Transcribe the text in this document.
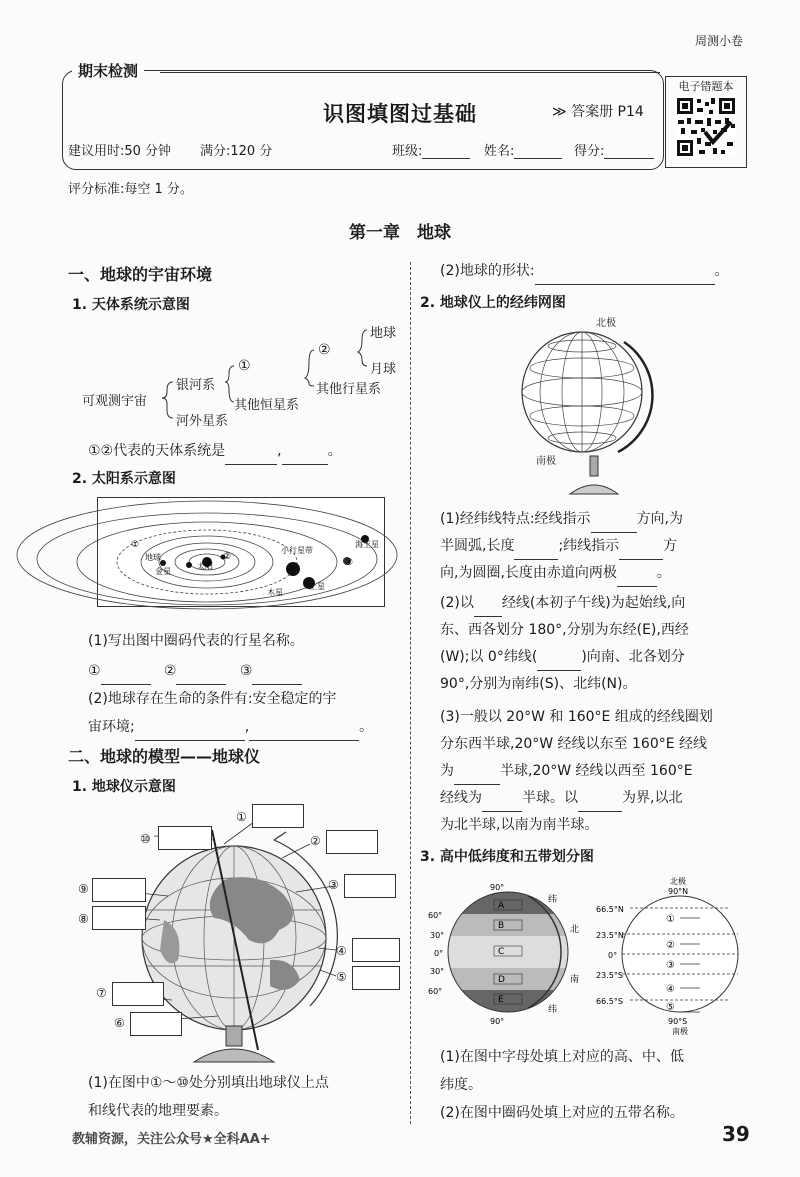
周测小卷
期末检测
识图填图过基础	≫ 答案册 P14
建议用时:50 分钟 满分:120 分	班级:	姓名:	得分:
电子错题本
评分标准:每空 1 分。
第一章　地球
一、地球的宇宙环境
1. 天体系统示意图
可观测宇宙
银河系
河外星系
①
其他恒星系
②
其他行星系
地球
月球
①②代表的天体系统是	,	。
2. 太阳系示意图
太阳
地球
金星
木星
土星
海王星
小行星带
①
②
③
④
(1)写出图中圈码代表的行星名称。
①	②	③
(2)地球存在生命的条件有:安全稳定的宇
宙环境;	,	。
二、地球的模型——地球仪
1. 地球仪示意图
①
②
③
④
⑤
⑥
⑦
⑧
⑨
⑩
(1)在图中①～⑩处分别填出地球仪上点
和线代表的地理要素。
(2)地球的形状:	。
2. 地球仪上的经纬网图
北极
南极
(1)经纬线特点:经线指示	方向,为
半圆弧,长度	;纬线指示	方
向,为圆圈,长度由赤道向两极	。
(2)以 经线(本初子午线)为起始线,向
东、西各划分 180°,分别为东经(E),西经
(W);以 0°纬线(	)向南、北各划分
90°,分别为南纬(S)、北纬(N)。
(3)一般以 20°W 和 160°E 组成的经线圈划
分东西半球,20°W 经线以东至 160°E 经线
为	半球,20°W 经线以西至 160°E
经线为	半球。以	为界,以北
为北半球,以南为南半球。
3. 高中低纬度和五带划分图
A
B
C
D
E
90°
60°
30°
0°
30°
60°
90°
纬
北
南
纬
①
②
③
④
⑤
北极
90°N
66.5°N
23.5°N
0°
23.5°S
66.5°S
90°S
南极
(1)在图中字母处填上对应的高、中、低
纬度。
(2)在图中圈码处填上对应的五带名称。
教辅资源，关注公众号★全科AA+	39
